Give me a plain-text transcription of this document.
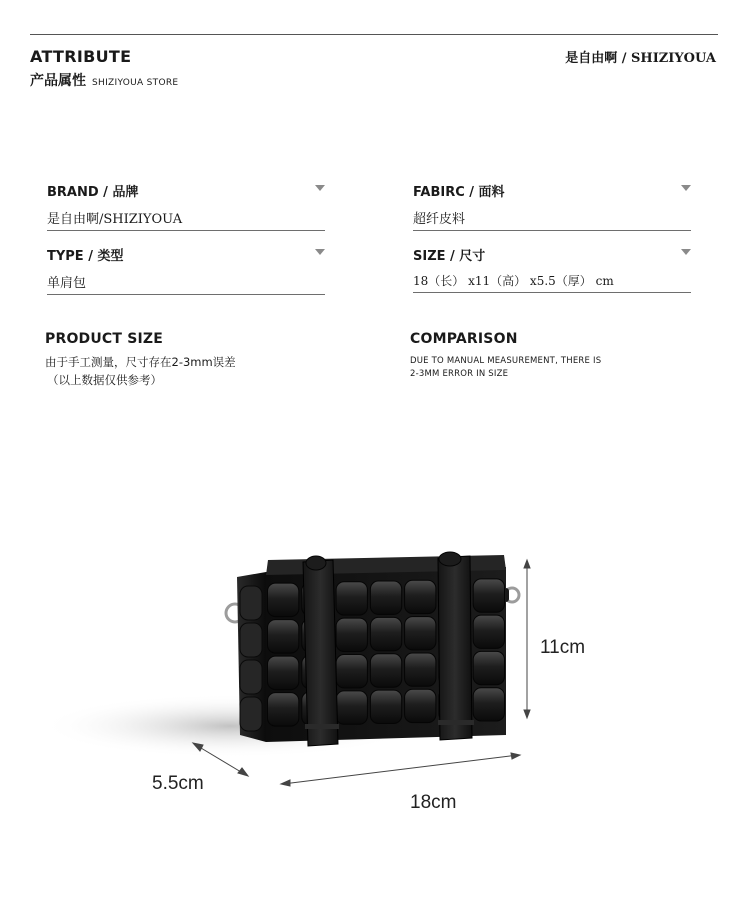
ATTRIBUTE
产品属性 SHIZIYOUA STORE
是自由啊 / SHIZIYOUA
BRAND / 品牌
是自由啊/SHIZIYOUA
FABIRC / 面料
超纤皮料
TYPE / 类型
单肩包
SIZE / 尺寸
18（长） x11（高） x5.5（厚） cm
PRODUCT SIZE
由于手工测量，尺寸存在2-3mm误差
（以上数据仅供参考）
COMPARISON
DUE TO MANUAL MEASUREMENT, THERE IS
2-3MM ERROR IN SIZE
11cm
5.5cm
18cm
